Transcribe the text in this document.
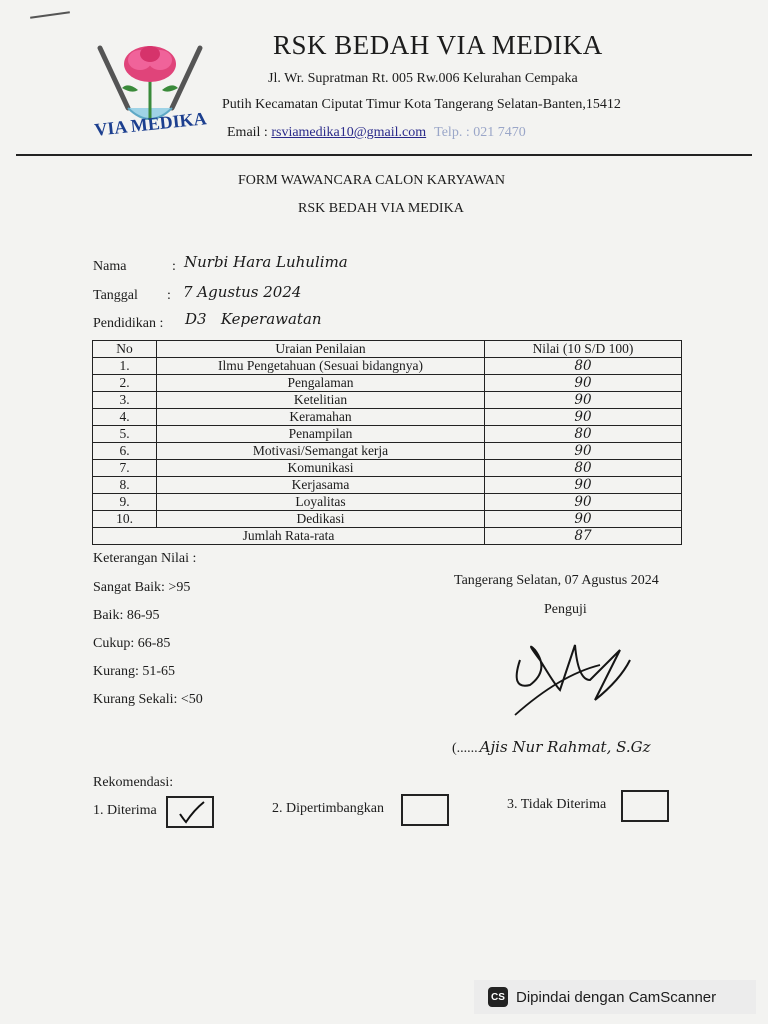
VIA MEDIKA
RSK BEDAH VIA MEDIKA
Jl. Wr. Supratman Rt. 005 Rw.006 Kelurahan Cempaka
Putih Kecamatan Ciputat Timur Kota Tangerang Selatan-Banten,15412
Email : rsviamedika10@gmail.com Telp. : 021 7470
FORM WAWANCARA CALON KARYAWAN
RSK BEDAH VIA MEDIKA
Nama	: Nurbi Hara Luhulima
Tanggal : 7 Agustus 2024
Pendidikan : D3   Keperawatan
No	Uraian Penilaian	Nilai (10 S/D 100)
1.	Ilmu Pengetahuan (Sesuai bidangnya)	80
2.	Pengalaman	90
3.	Ketelitian	90
4.	Keramahan	90
5.	Penampilan	80
6.	Motivasi/Semangat kerja	90
7.	Komunikasi	80
8.	Kerjasama	90
9.	Loyalitas	90
10.	Dedikasi	90
Jumlah Rata-rata		87
Keterangan Nilai :
Sangat Baik: >95
Baik: 86-95
Cukup: 66-85
Kurang: 51-65
Kurang Sekali: <50
Tangerang Selatan, 07 Agustus 2024
Penguji
(...... Ajis Nur Rahmat, S.Gz
Rekomendasi:
1. Diterima	2. Dipertimbangkan	3. Tidak Diterima
CS Dipindai dengan CamScanner
